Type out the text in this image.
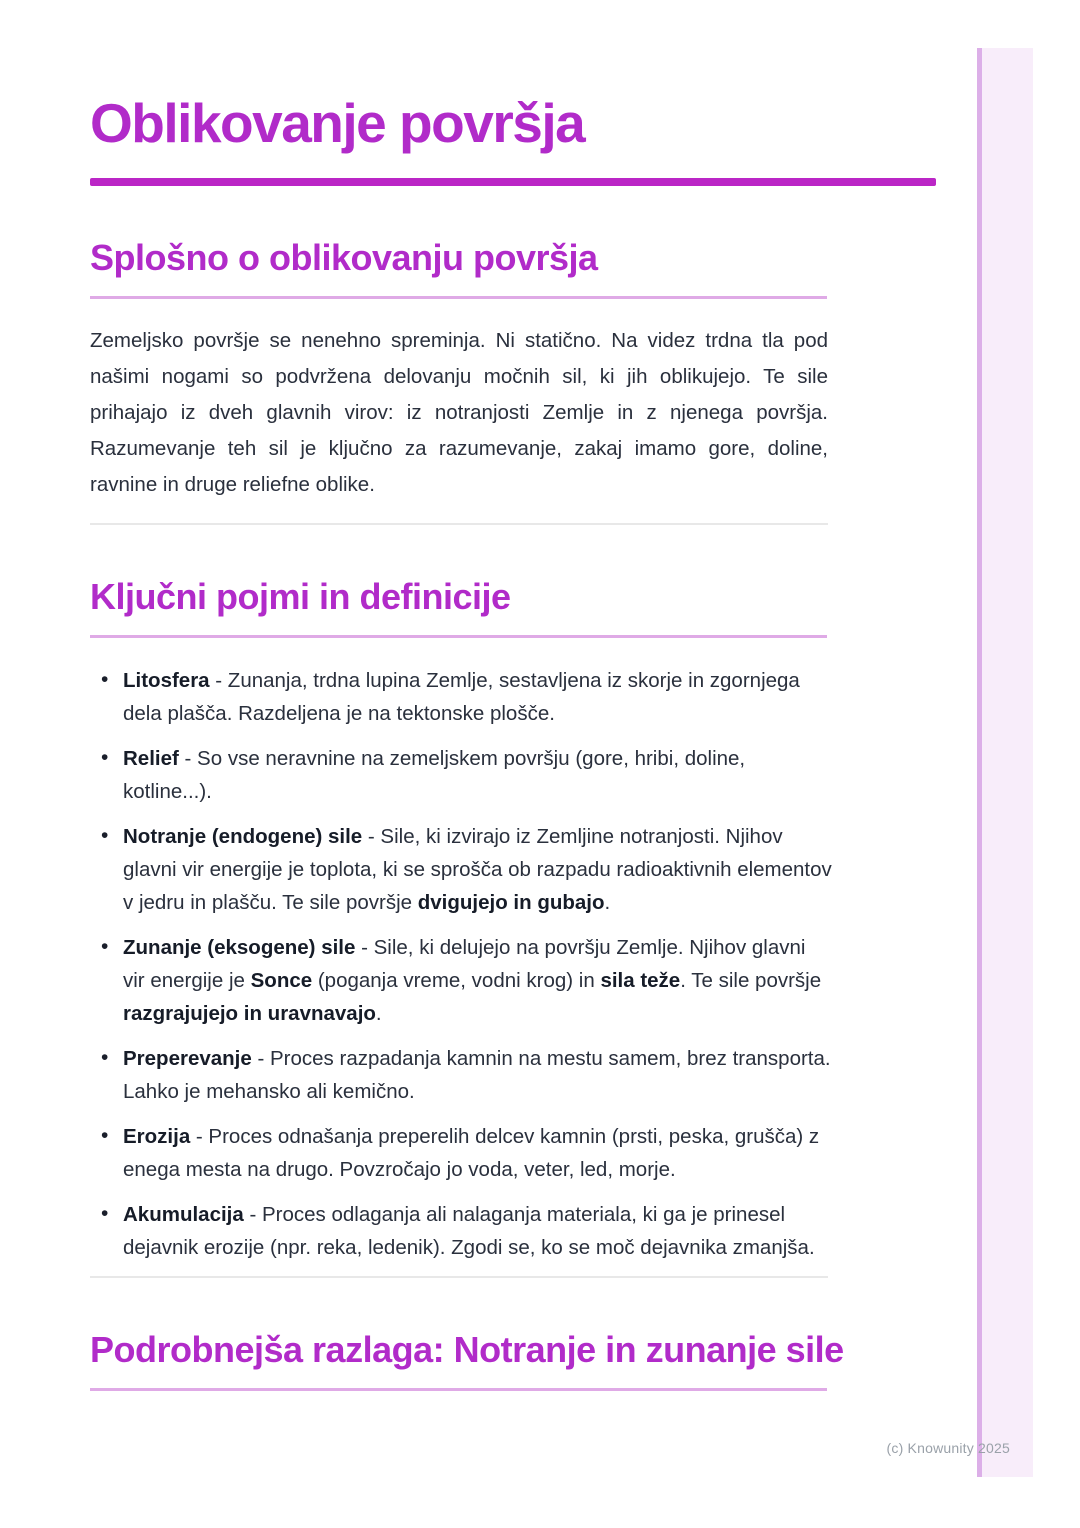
Oblikovanje površja
Splošno o oblikovanju površja

Zemeljsko površje se nenehno spreminja. Ni statično. Na videz trdna tla pod našimi nogami so podvržena delovanju močnih sil, ki jih oblikujejo. Te sile prihajajo iz dveh glavnih virov: iz notranjosti Zemlje in z njenega površja. Razumevanje teh sil je ključno za razumevanje, zakaj imamo gore, doline, ravnine in druge reliefne oblike.

Ključni pojmi in definicije
• Litosfera - Zunanja, trdna lupina Zemlje, sestavljena iz skorje in zgornjega dela plašča. Razdeljena je na tektonske plošče.
• Relief - So vse neravnine na zemeljskem površju (gore, hribi, doline, kotline...).
• Notranje (endogene) sile - Sile, ki izvirajo iz Zemljine notranjosti. Njihov glavni vir energije je toplota, ki se sprošča ob razpadu radioaktivnih elementov v jedru in plašču. Te sile površje dvigujejo in gubajo.
• Zunanje (eksogene) sile - Sile, ki delujejo na površju Zemlje. Njihov glavni vir energije je Sonce (poganja vreme, vodni krog) in sila teže. Te sile površje razgrajujejo in uravnavajo.
• Preperevanje - Proces razpadanja kamnin na mestu samem, brez transporta. Lahko je mehansko ali kemično.
• Erozija - Proces odnašanja preperelih delcev kamnin (prsti, peska, grušča) z enega mesta na drugo. Povzročajo jo voda, veter, led, morje.
• Akumulacija - Proces odlaganja ali nalaganja materiala, ki ga je prinesel dejavnik erozije (npr. reka, ledenik). Zgodi se, ko se moč dejavnika zmanjša.
Podrobnejša razlaga: Notranje in zunanje sile
(c) Knowunity 2025
